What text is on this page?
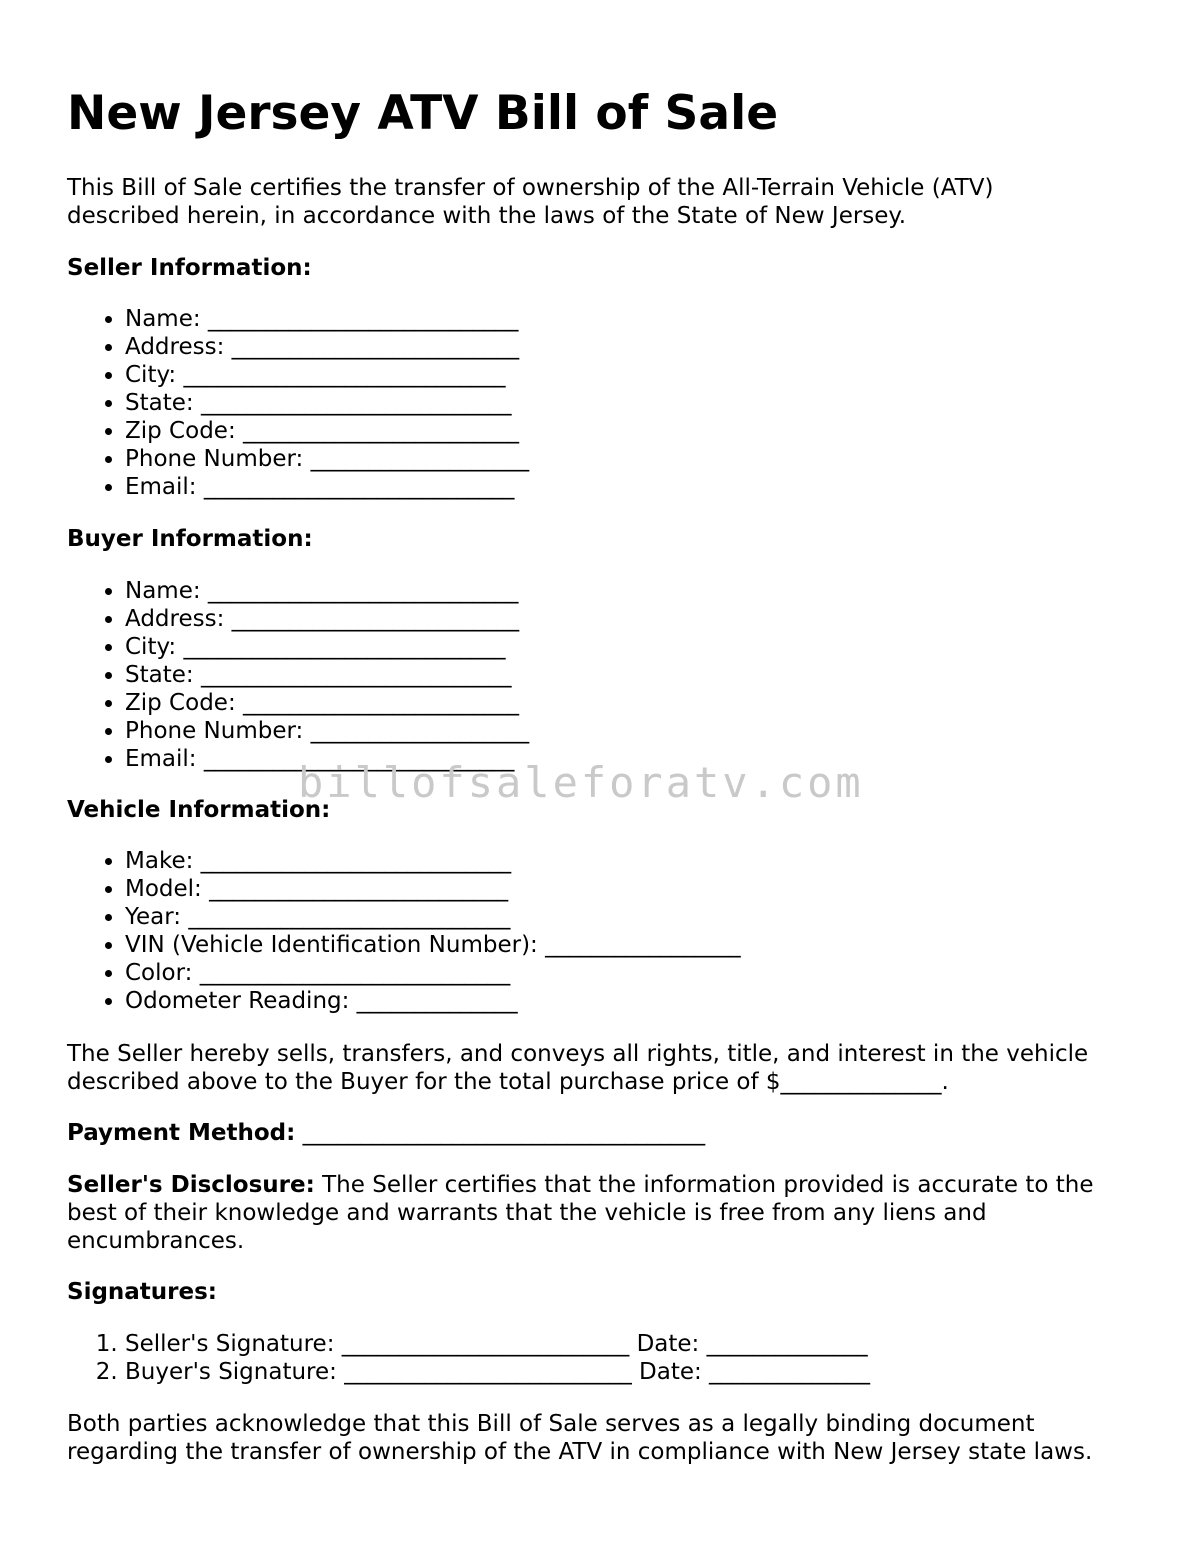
New Jersey ATV Bill of Sale

This Bill of Sale certifies the transfer of ownership of the All-Terrain Vehicle (ATV) described herein, in accordance with the laws of the State of New Jersey.

Seller Information:
• Name: ___________________________
• Address: _________________________
• City: ____________________________
• State: ___________________________
• Zip Code: ________________________
• Phone Number: ___________________
• Email: ___________________________
Buyer Information:
• Name: ___________________________
• Address: _________________________
• City: ____________________________
• State: ___________________________
• Zip Code: ________________________
• Phone Number: ___________________
• Email: ___________________________
Vehicle Information:
• Make: ___________________________
• Model: __________________________
• Year: ____________________________
• VIN (Vehicle Identification Number): _________________
• Color: ___________________________
• Odometer Reading: ______________

The Seller hereby sells, transfers, and conveys all rights, title, and interest in the vehicle described above to the Buyer for the total purchase price of $______________.

Payment Method: ___________________________________

Seller's Disclosure: The Seller certifies that the information provided is accurate to the best of their knowledge and warrants that the vehicle is free from any liens and encumbrances.

Signatures:
1. Seller's Signature: _________________________ Date: ______________
2. Buyer's Signature: _________________________ Date: ______________

Both parties acknowledge that this Bill of Sale serves as a legally binding document regarding the transfer of ownership of the ATV in compliance with New Jersey state laws.

billofsaleforatv.com
